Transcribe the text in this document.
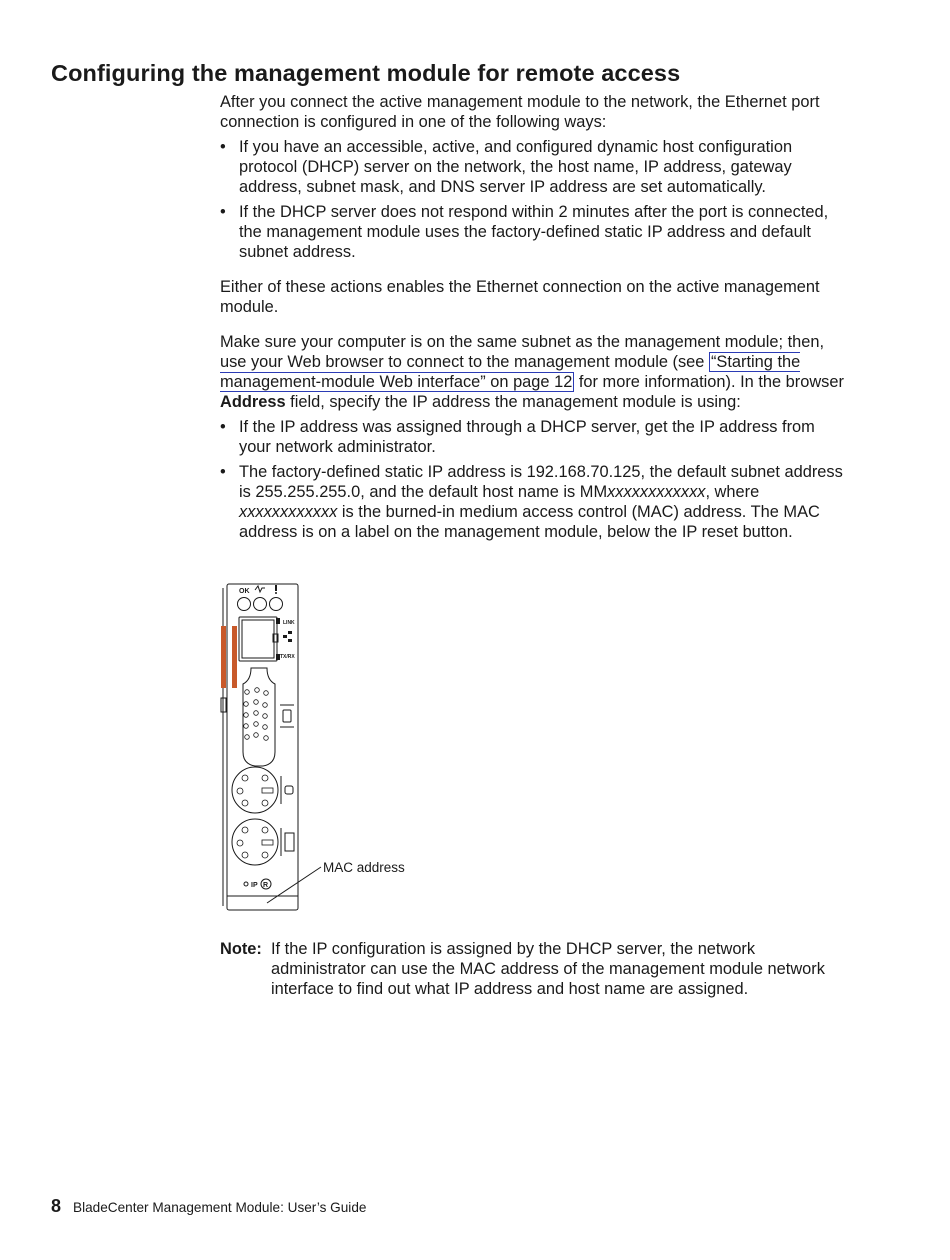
Configuring the management module for remote access

After you connect the active management module to the network, the Ethernet port connection is configured in one of the following ways:

• If you have an accessible, active, and configured dynamic host configuration protocol (DHCP) server on the network, the host name, IP address, gateway address, subnet mask, and DNS server IP address are set automatically.
• If the DHCP server does not respond within 2 minutes after the port is connected, the management module uses the factory-defined static IP address and default subnet address.

Either of these actions enables the Ethernet connection on the active management module.

Make sure your computer is on the same subnet as the management module; then, use your Web browser to connect to the management module (see “Starting the management-module Web interface” on page 12 for more information). In the browser Address field, specify the IP address the management module is using:

• If the IP address was assigned through a DHCP server, get the IP address from your network administrator.
• The factory-defined static IP address is 192.168.70.125, the default subnet address is 255.255.255.0, and the default host name is MMxxxxxxxxxxxx, where xxxxxxxxxxxx is the burned-in medium access control (MAC) address. The MAC address is on a label on the management module, below the IP reset button.
OK
LINK
TX/RX
IP R
MAC address
Note: If the IP configuration is assigned by the DHCP server, the network administrator can use the MAC address of the management module network interface to find out what IP address and host name are assigned.
8 BladeCenter Management Module: User’s Guide
